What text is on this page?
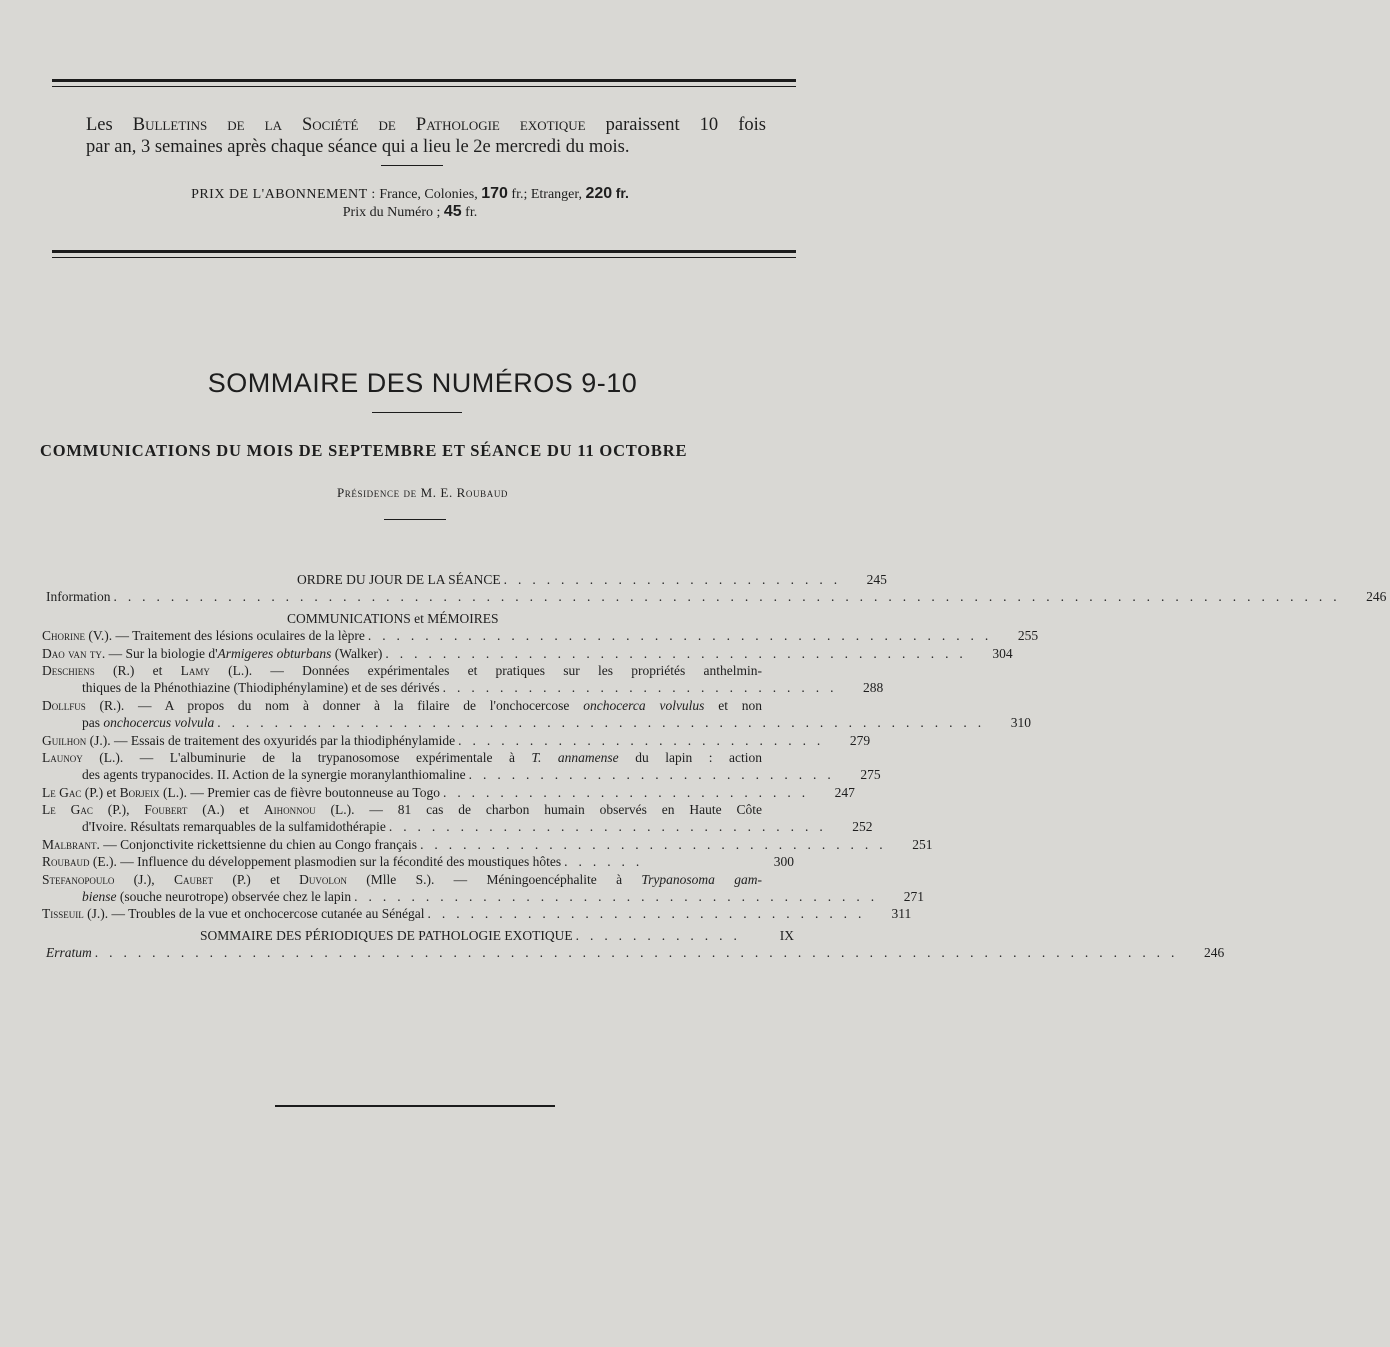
Les Bulletins de la Société de Pathologie exotique paraissent 10 fois
par an, 3 semaines après chaque séance qui a lieu le 2e mercredi du mois.
PRIX DE L'ABONNEMENT : France, Colonies, 170 fr.; Etranger, 220 fr.
Prix du Numéro ; 45 fr.
SOMMAIRE DES NUMÉROS 9-10
COMMUNICATIONS DU MOIS DE SEPTEMBRE ET SÉANCE DU 11 OCTOBRE
Présidence de M. E. Roubaud
ORDRE DU JOUR DE LA SÉANCE . . . . . . . . . . . . . . . . . . . . . . . .	245
Information . . . . . . . . . . . . . . . . . . . . . . . . . . . . . . . . . . . . . . . . . . . . . . . . . . . . . . . . . . . . . . . . . . . . . . . . . . . . . . . . . . . . . .	246
COMMUNICATIONS et MÉMOIRES
Chorine (V.). — Traitement des lésions oculaires de la lèpre . . . . . . . . . . . . . . . . . . . . . . . . . . . . . . . . . . . . . . . . . . . .	255
Dao van ty. — Sur la biologie d'Armigeres obturbans (Walker) . . . . . . . . . . . . . . . . . . . . . . . . . . . . . . . . . . . . . . . . .	304
Deschiens (R.) et Lamy (L.). — Données expérimentales et pratiques sur les propriétés anthelmin-
thiques de la Phénothiazine (Thiodiphénylamine) et de ses dérivés . . . . . . . . . . . . . . . . . . . . . . . . . . . .	288
Dollfus (R.). — A propos du nom à donner à la filaire de l'onchocercose onchocerca volvulus et non
pas onchocercus volvula . . . . . . . . . . . . . . . . . . . . . . . . . . . . . . . . . . . . . . . . . . . . . . . . . . . . . .	310
Guilhon (J.). — Essais de traitement des oxyuridés par la thiodiphénylamide . . . . . . . . . . . . . . . . . . . . . . . . . .	279
Launoy (L.). — L'albuminurie de la trypanosomose expérimentale à T. annamense du lapin : action
des agents trypanocides. II. Action de la synergie moranylanthiomaline . . . . . . . . . . . . . . . . . . . . . . . . . .	275
Le Gac (P.) et Borjeix (L.). — Premier cas de fièvre boutonneuse au Togo . . . . . . . . . . . . . . . . . . . . . . . . . .	247
Le Gac (P.), Foubert (A.) et Aihonnou (L.). — 81 cas de charbon humain observés en Haute Côte
d'Ivoire. Résultats remarquables de la sulfamidothérapie . . . . . . . . . . . . . . . . . . . . . . . . . . . . . . .	252
Malbrant. — Conjonctivite rickettsienne du chien au Congo français . . . . . . . . . . . . . . . . . . . . . . . . . . . . . . . . .	251
Roubaud (E.). — Influence du développement plasmodien sur la fécondité des moustiques hôtes . . . . . .	300
Stefanopoulo (J.), Caubet (P.) et Duvolon (Mlle S.). — Méningoencéphalite à Trypanosoma gam-
biense (souche neurotrope) observée chez le lapin . . . . . . . . . . . . . . . . . . . . . . . . . . . . . . . . . . . . .	271
Tisseuil (J.). — Troubles de la vue et onchocercose cutanée au Sénégal . . . . . . . . . . . . . . . . . . . . . . . . . . . . . . .	311
SOMMAIRE DES PÉRIODIQUES DE PATHOLOGIE EXOTIQUE . . . . . . . . . . . .	IX
Erratum . . . . . . . . . . . . . . . . . . . . . . . . . . . . . . . . . . . . . . . . . . . . . . . . . . . . . . . . . . . . . . . . . . . . . . . . . . . .	246
